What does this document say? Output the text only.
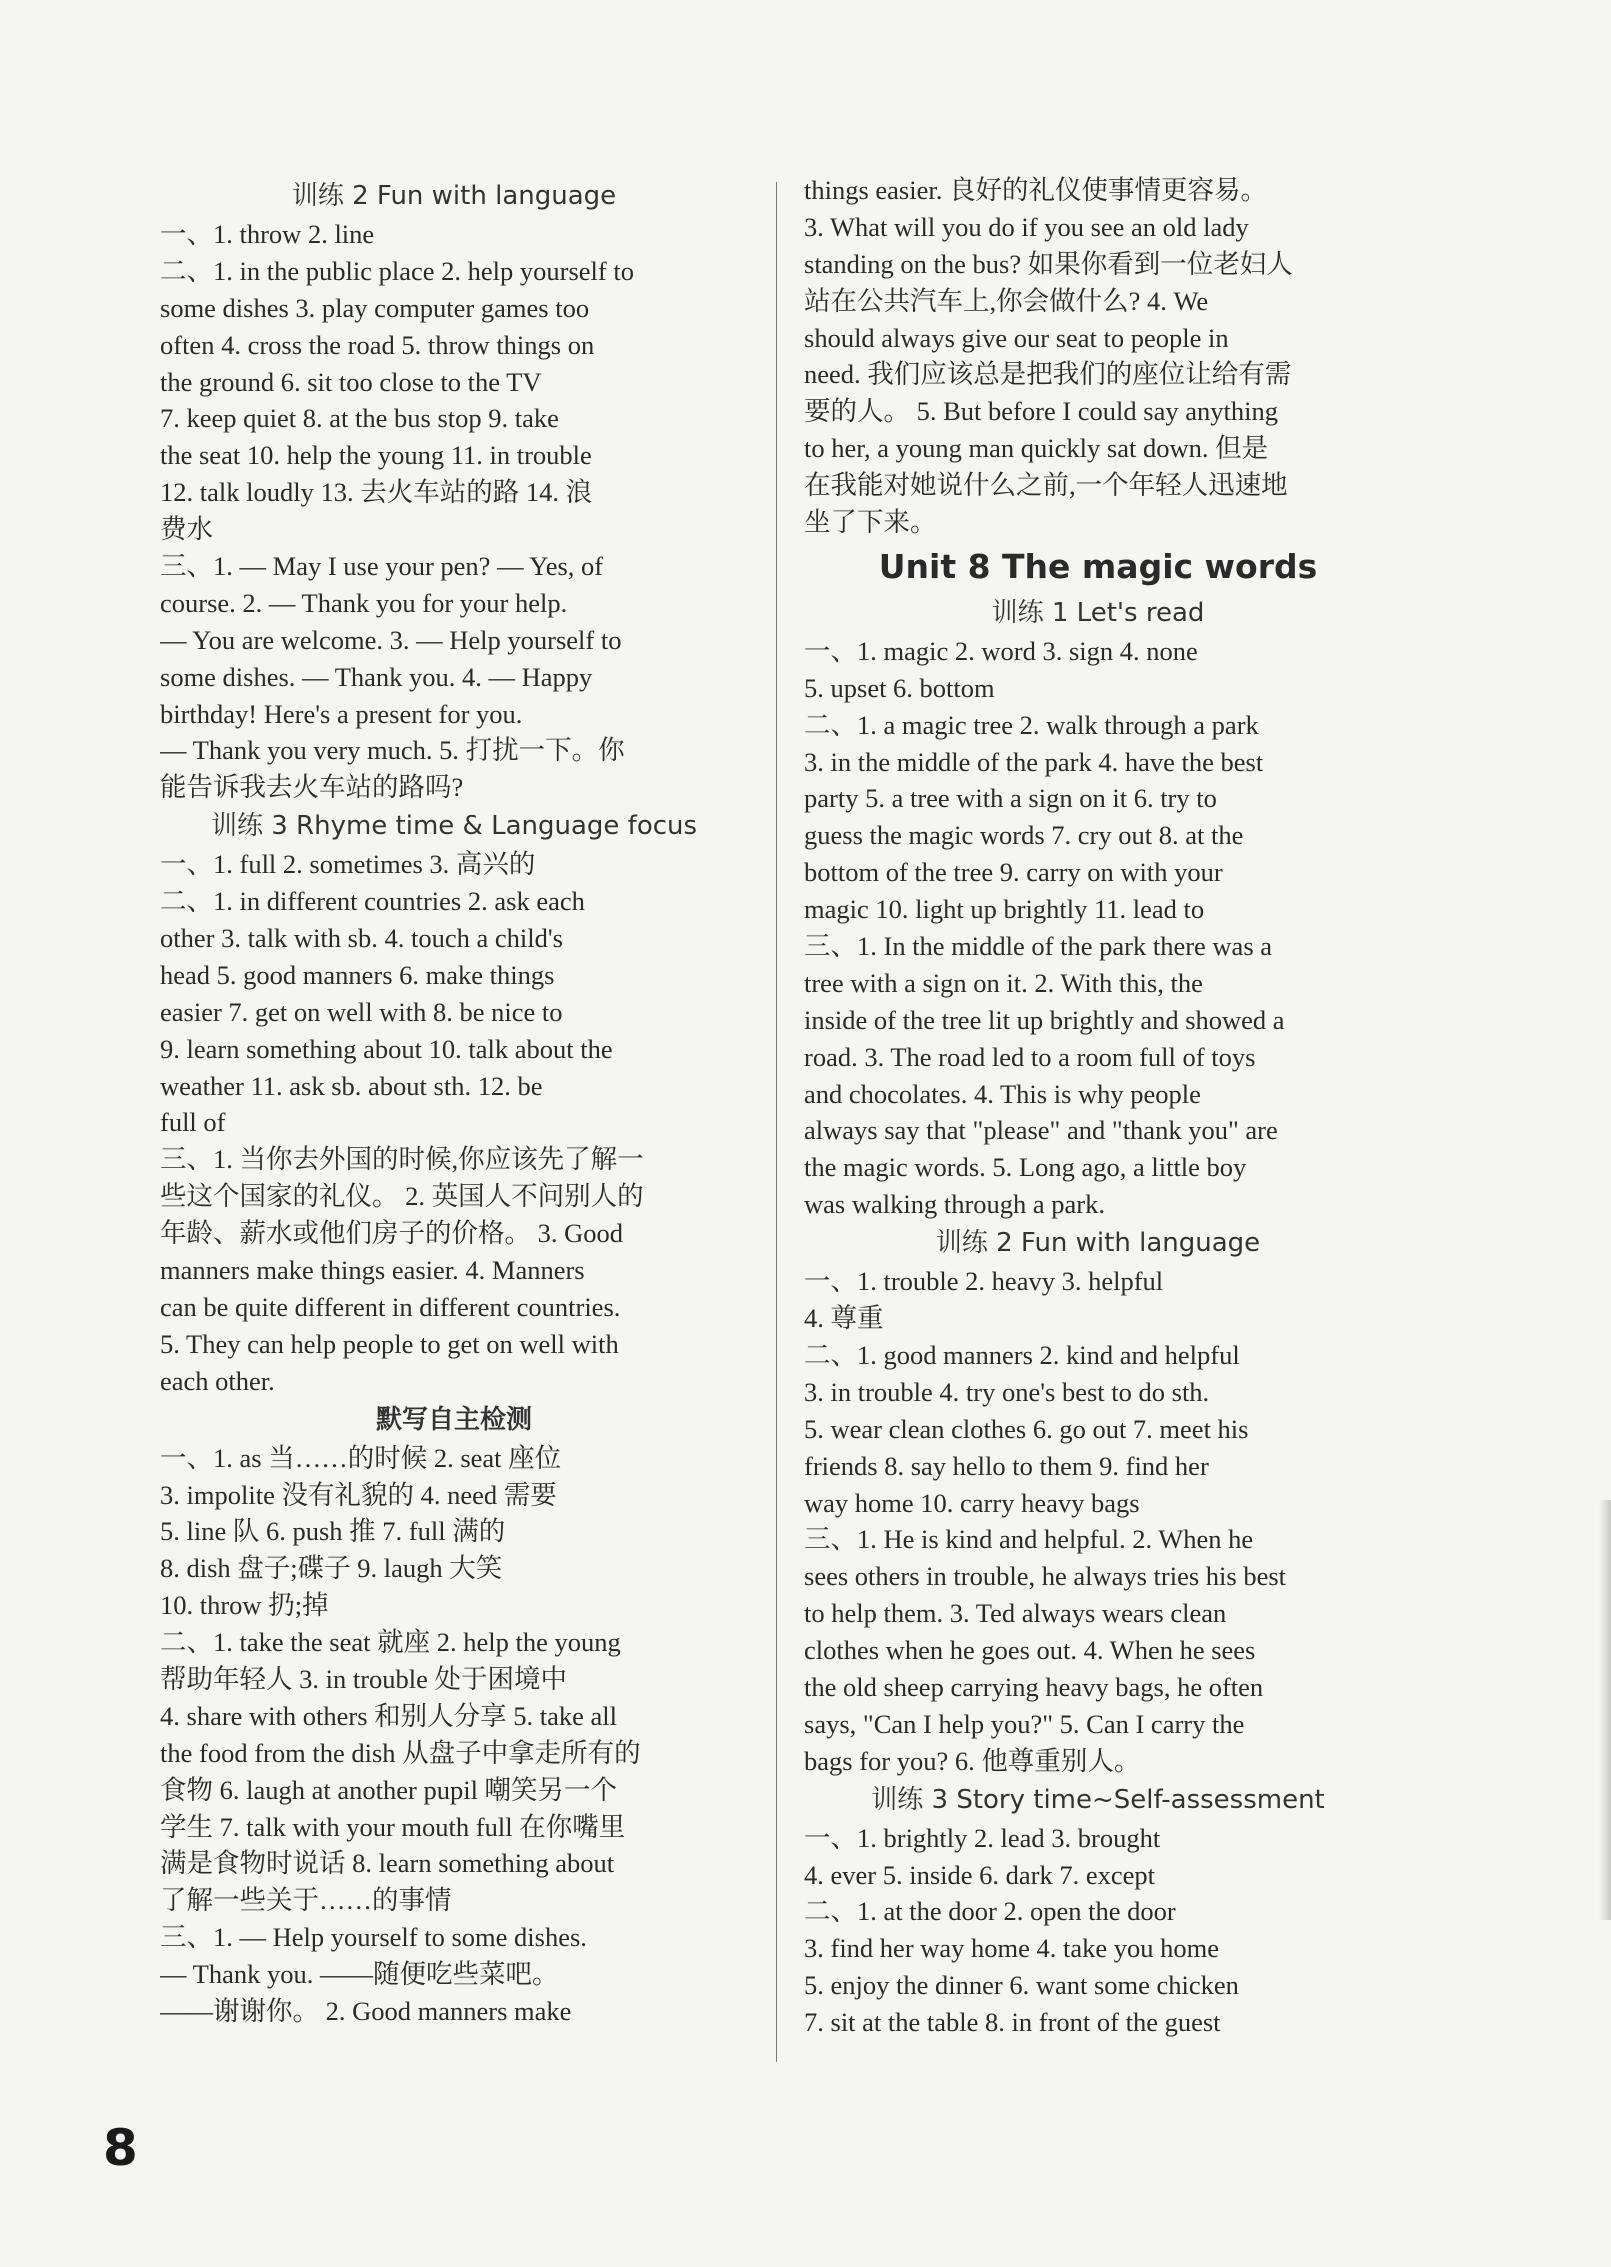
训练 2 Fun with language
一、1. throw 2. line
二、1. in the public place 2. help yourself to
some dishes 3. play computer games too
often 4. cross the road 5. throw things on
the ground 6. sit too close to the TV
7. keep quiet 8. at the bus stop 9. take
the seat 10. help the young 11. in trouble
12. talk loudly 13. 去火车站的路 14. 浪
费水
三、1. — May I use your pen? — Yes, of
course. 2. — Thank you for your help.
— You are welcome. 3. — Help yourself to
some dishes. — Thank you. 4. — Happy
birthday! Here's a present for you.
— Thank you very much. 5. 打扰一下。你
能告诉我去火车站的路吗?
训练 3 Rhyme time & Language focus
一、1. full 2. sometimes 3. 高兴的
二、1. in different countries 2. ask each
other 3. talk with sb. 4. touch a child's
head 5. good manners 6. make things
easier 7. get on well with 8. be nice to
9. learn something about 10. talk about the
weather 11. ask sb. about sth. 12. be
full of
三、1. 当你去外国的时候,你应该先了解一
些这个国家的礼仪。 2. 英国人不问别人的
年龄、薪水或他们房子的价格。 3. Good
manners make things easier. 4. Manners
can be quite different in different countries.
5. They can help people to get on well with
each other.
默写自主检测
一、1. as 当……的时候 2. seat 座位
3. impolite 没有礼貌的 4. need 需要
5. line 队 6. push 推 7. full 满的
8. dish 盘子;碟子 9. laugh 大笑
10. throw 扔;掉
二、1. take the seat 就座 2. help the young
帮助年轻人 3. in trouble 处于困境中
4. share with others 和别人分享 5. take all
the food from the dish 从盘子中拿走所有的
食物 6. laugh at another pupil 嘲笑另一个
学生 7. talk with your mouth full 在你嘴里
满是食物时说话 8. learn something about
了解一些关于……的事情
三、1. — Help yourself to some dishes.
— Thank you. ——随便吃些菜吧。
——谢谢你。 2. Good manners make
things easier. 良好的礼仪使事情更容易。
3. What will you do if you see an old lady
standing on the bus? 如果你看到一位老妇人
站在公共汽车上,你会做什么? 4. We
should always give our seat to people in
need. 我们应该总是把我们的座位让给有需
要的人。 5. But before I could say anything
to her, a young man quickly sat down. 但是
在我能对她说什么之前,一个年轻人迅速地
坐了下来。
Unit 8 The magic words
训练 1 Let's read
一、1. magic 2. word 3. sign 4. none
5. upset 6. bottom
二、1. a magic tree 2. walk through a park
3. in the middle of the park 4. have the best
party 5. a tree with a sign on it 6. try to
guess the magic words 7. cry out 8. at the
bottom of the tree 9. carry on with your
magic 10. light up brightly 11. lead to
三、1. In the middle of the park there was a
tree with a sign on it. 2. With this, the
inside of the tree lit up brightly and showed a
road. 3. The road led to a room full of toys
and chocolates. 4. This is why people
always say that "please" and "thank you" are
the magic words. 5. Long ago, a little boy
was walking through a park.
训练 2 Fun with language
一、1. trouble 2. heavy 3. helpful
4. 尊重
二、1. good manners 2. kind and helpful
3. in trouble 4. try one's best to do sth.
5. wear clean clothes 6. go out 7. meet his
friends 8. say hello to them 9. find her
way home 10. carry heavy bags
三、1. He is kind and helpful. 2. When he
sees others in trouble, he always tries his best
to help them. 3. Ted always wears clean
clothes when he goes out. 4. When he sees
the old sheep carrying heavy bags, he often
says, "Can I help you?" 5. Can I carry the
bags for you? 6. 他尊重别人。
训练 3 Story time~Self-assessment
一、1. brightly 2. lead 3. brought
4. ever 5. inside 6. dark 7. except
二、1. at the door 2. open the door
3. find her way home 4. take you home
5. enjoy the dinner 6. want some chicken
7. sit at the table 8. in front of the guest
8
